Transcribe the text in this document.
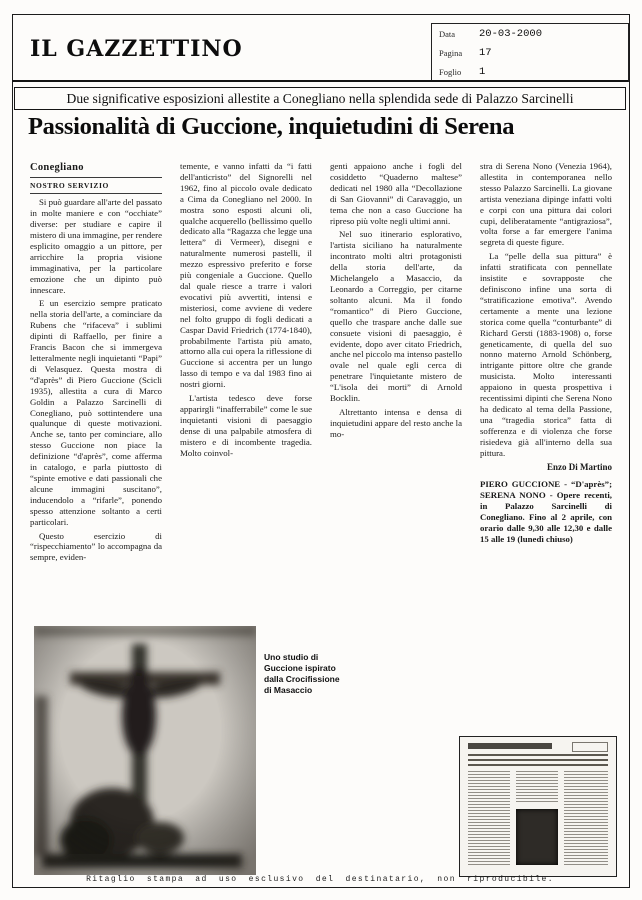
IL GAZZETTINO
Data	20-03-2000
Pagina	17
Foglio	1
Due significative esposizioni allestite a Conegliano nella splendida sede di Palazzo Sarcinelli
Passionalità di Guccione, inquietudini di Serena
Conegliano
NOSTRO SERVIZIO

Si può guardare all'arte del passato in molte maniere e con “occhiate” diverse: per studiare e capire il mistero di una immagine, per rendere esplicito omaggio a un pittore, per arricchire la propria visione immaginativa, per la particolare emozione che un dipinto può innescare.

E un esercizio sempre praticato nella storia dell'arte, a cominciare da Rubens che “rifaceva” i sublimi dipinti di Raffaello, per finire a Francis Bacon che si immergeva letteralmente negli inquietanti “Papi” di Velasquez. Questa mostra di “d'après” di Piero Guccione (Scicli 1935), allestita a cura di Marco Goldin a Palazzo Sarcinelli di Conegliano, può sottintendere una qualunque di queste motivazioni. Anche se, tanto per cominciare, allo stesso Guccione non piace la definizione “d'après”, come afferma in catalogo, e parla piuttosto di “spinte emotive e dati passionali che alcune immagini suscitano”, inducendolo a “rifarle”, ponendo spesso attenzione soltanto a certi particolari.

Questo esercizio di “rispecchiamento” lo accompagna da sempre, eviden-

temente, e vanno infatti da “i fatti dell'anticristo” del Signorelli nel 1962, fino al piccolo ovale dedicato a Cima da Conegliano nel 2000. In mostra sono esposti alcuni oli, qualche acquerello (bellissimo quello dedicato alla “Ragazza che legge una lettera” di Vermeer), disegni e naturalmente numerosi pastelli, il mezzo espressivo preferito e forse più congeniale a Guccione. Quello dal quale riesce a trarre i valori evocativi più avvertiti, intensi e misteriosi, come avviene di vedere nel folto gruppo di fogli dedicati a Caspar David Friedrich (1774-1840), probabilmente l'artista più amato, attorno alla cui opera la riflessione di Guccione si accentra per un lungo lasso di tempo e va dal 1983 fino ai nostri giorni.

L'artista tedesco deve forse apparirgli “inafferrabile” come le sue inquietanti visioni di paesaggio dense di una palpabile atmosfera di mistero e di incombente tragedia. Molto coinvol-

genti appaiono anche i fogli del cosiddetto “Quaderno maltese” dedicati nel 1980 alla “Decollazione di San Giovanni” di Caravaggio, un tema che non a caso Guccione ha ripreso più volte negli ultimi anni.

Nel suo itinerario esplorativo, l'artista siciliano ha naturalmente incontrato molti altri protagonisti della storia dell'arte, da Michelangelo a Masaccio, da Leonardo a Correggio, per citarne soltanto alcuni. Ma il fondo “romantico” di Piero Guccione, quello che traspare anche dalle sue consuete visioni di paesaggio, è evidente, dopo aver citato Friedrich, anche nel piccolo ma intenso pastello ovale nel quale egli cerca di penetrare l'inquietante mistero de “L'isola dei morti” di Arnold Bocklin.

Altrettanto intensa e densa di inquietudini appare del resto anche la mo-

stra di Serena Nono (Venezia 1964), allestita in contemporanea nello stesso Palazzo Sarcinelli. La giovane artista veneziana dipinge infatti volti e corpi con una pittura dai colori cupi, deliberatamente “antigraziosa”, volta forse a far emergere l'anima segreta di queste figure.

La “pelle della sua pittura” è infatti stratificata con pennellate insistite e sovrapposte che definiscono infine una sorta di “stratificazione emotiva”. Avendo certamente a mente una lezione storica come quella “conturbante” di Richard Gersti (1883-1908) o, forse geneticamente, di quella del suo nonno materno Arnold Schönberg, intrigante pittore oltre che grande musicista. Molto interessanti appaiono in questa prospettiva i recentissimi dipinti che Serena Nono ha dedicato al tema della Passione, una “tragedia storica” fatta di sofferenza e di violenza che forse risiedeva già all'interno della sua pittura.

Enzo Di Martino
PIERO GUCCIONE - “D'après”; SERENA NONO - Opere recenti, in Palazzo Sarcinelli di Conegliano. Fino al 2 aprile, con orario dalle 9,30 alle 12,30 e dalle 15 alle 19 (lunedì chiuso)
Uno studio di Guccione ispirato dalla Crocifissione di Masaccio
Ritaglio stampa ad uso esclusivo del destinatario, non riproducibile.
